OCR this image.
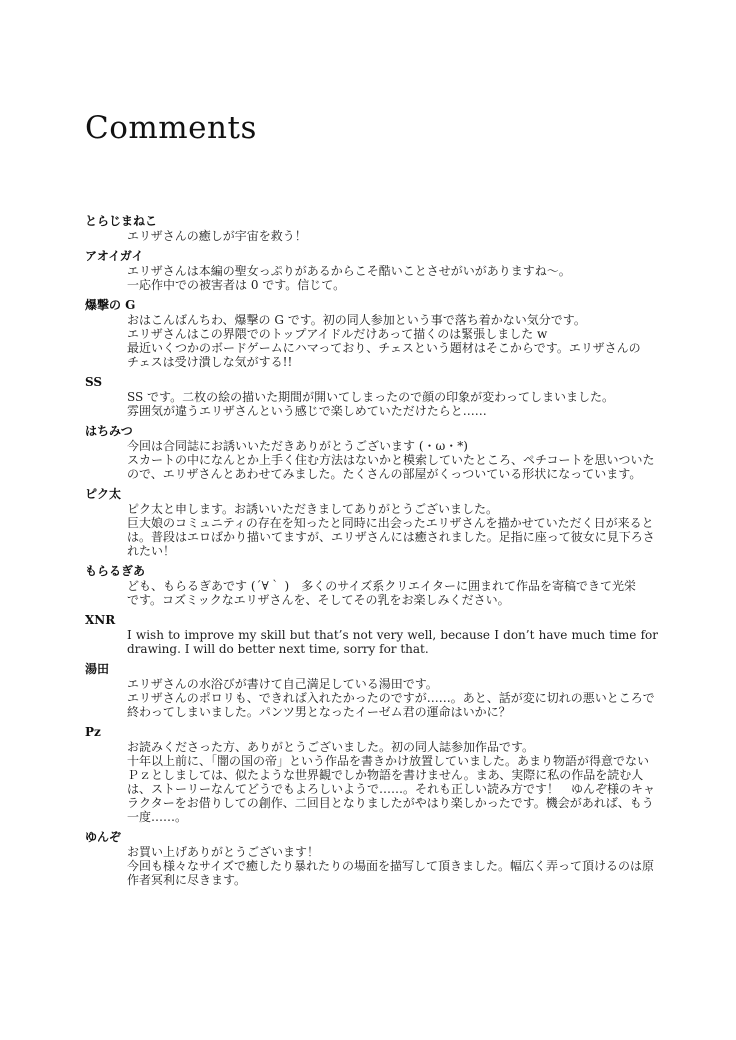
Comments
とらじまねこ
エリザさんの癒しが宇宙を救う！
アオイガイ
エリザさんは本編の聖女っぷりがあるからこそ酷いことさせがいがありますね～。
一応作中での被害者は 0 です。信じて。
爆撃の G
おはこんばんちわ、爆撃の G です。初の同人参加という事で落ち着かない気分です。
エリザさんはこの界隈でのトップアイドルだけあって描くのは緊張しました w
最近いくつかのボードゲームにハマっており、チェスという題材はそこからです。エリザさんの
チェスは受け潰しな気がする!!
SS
SS です。二枚の絵の描いた期間が開いてしまったので顔の印象が変わってしまいました。
雰囲気が違うエリザさんという感じで楽しめていただけたらと……
はちみつ
今回は合同誌にお誘いいただきありがとうございます (・ω・*)
スカートの中になんとか上手く住む方法はないかと模索していたところ、ペチコートを思いついた
ので、エリザさんとあわせてみました。たくさんの部屋がくっついている形状になっています。
ピク太
ピク太と申します。お誘いいただきましてありがとうございました。
巨大娘のコミュニティの存在を知ったと同時に出会ったエリザさんを描かせていただく日が来ると
は。普段はエロばかり描いてますが、エリザさんには癒されました。足指に座って彼女に見下ろさ
れたい！
もらるぎあ
ども、もらるぎあです (´∀｀ )　多くのサイズ系クリエイターに囲まれて作品を寄稿できて光栄
です。コズミックなエリザさんを、そしてその乳をお楽しみください。
XNR
I wish to improve my skill but that’s not very well, because I don’t have much time for
drawing. I will do better next time, sorry for that.
湯田
エリザさんの水浴びが書けて自己満足している湯田です。
エリザさんのポロリも、できれば入れたかったのですが……。あと、話が変に切れの悪いところで
終わってしまいました。パンツ男となったイーゼム君の運命はいかに？
Pz
お読みくださった方、ありがとうございました。初の同人誌参加作品です。
十年以上前に、「闇の国の帝」という作品を書きかけ放置していました。あまり物語が得意でない
Ｐｚとしましては、似たような世界観でしか物語を書けません。まあ、実際に私の作品を読む人
は、ストーリーなんてどうでもよろしいようで……。それも正しい読み方です！　ゆんぞ様のキャ
ラクターをお借りしての創作、二回目となりましたがやはり楽しかったです。機会があれば、もう
一度……。
ゆんぞ
お買い上げありがとうございます！
今回も様々なサイズで癒したり暴れたりの場面を描写して頂きました。幅広く弄って頂けるのは原
作者冥利に尽きます。
